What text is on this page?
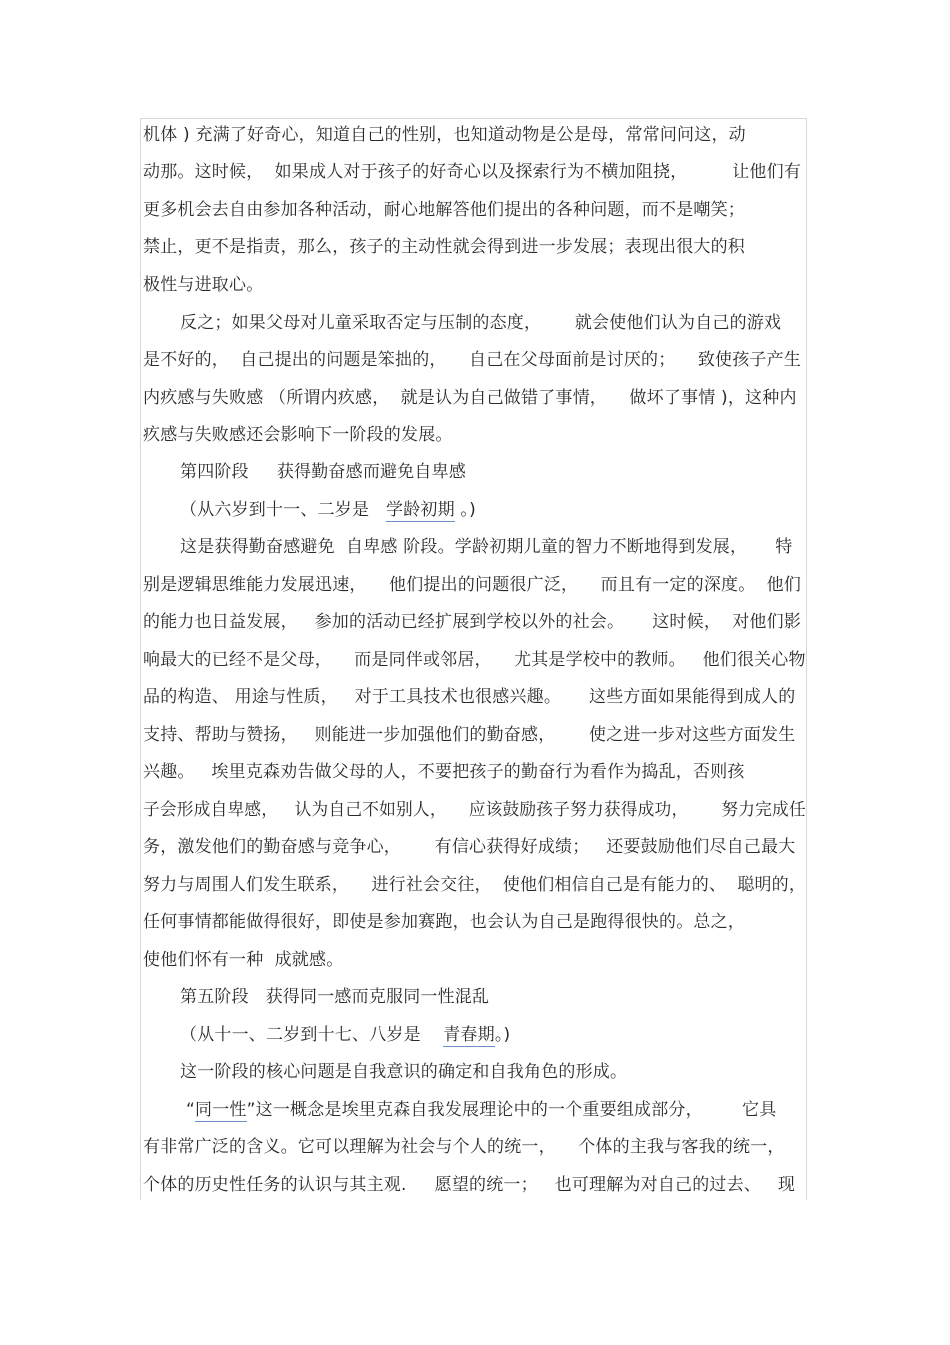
机体 ) 充满了好奇心，知道自己的性别，也知道动物是公是母，常常问问这，动
动那。这时候，  如果成人对于孩子的好奇心以及探索行为不横加阻挠，        让他们有
更多机会去自由参加各种活动，耐心地解答他们提出的各种问题，而不是嘲笑；
禁止，更不是指责，那么，孩子的主动性就会得到进一步发展；表现出很大的积
极性与进取心。
反之；如果父母对儿童采取否定与压制的态度，      就会使他们认为自己的游戏
是不好的，  自己提出的问题是笨拙的，    自己在父母面前是讨厌的；    致使孩子产生
内疚感与失败感 （所谓内疚感，  就是认为自己做错了事情，    做坏了事情 )，这种内
疚感与失败感还会影响下一阶段的发展。
第四阶段     获得勤奋感而避免自卑感
（从六岁到十一、二岁是   学龄初期 。)
这是获得勤奋感避免  自卑感 阶段。学龄初期儿童的智力不断地得到发展，     特
别是逻辑思维能力发展迅速，    他们提出的问题很广泛，    而且有一定的深度。  他们
的能力也日益发展，   参加的活动已经扩展到学校以外的社会。     这时候，  对他们影
响最大的已经不是父母，    而是同伴或邻居，    尤其是学校中的教师。   他们很关心物
品的构造、 用途与性质，   对于工具技术也很感兴趣。     这些方面如果能得到成人的
支持、帮助与赞扬，   则能进一步加强他们的勤奋感，      使之进一步对这些方面发生
兴趣。   埃里克森劝告做父母的人，不要把孩子的勤奋行为看作为捣乱，否则孩
子会形成自卑感，   认为自己不如别人，    应该鼓励孩子努力获得成功，      努力完成任
务，激发他们的勤奋感与竞争心，      有信心获得好成绩；   还要鼓励他们尽自己最大
努力与周围人们发生联系，    进行社会交往，  使他们相信自己是有能力的、  聪明的，
任何事情都能做得很好，即使是参加赛跑，也会认为自己是跑得很快的。总之，
使他们怀有一种  成就感。
第五阶段   获得同一感而克服同一性混乱
（从十一、二岁到十七、八岁是    青春期。)
这一阶段的核心问题是自我意识的确定和自我角色的形成。
“同一性”这一概念是埃里克森自我发展理论中的一个重要组成部分，       它具
有非常广泛的含义。它可以理解为社会与个人的统一，    个体的主我与客我的统一，
个体的历史性任务的认识与其主观.     愿望的统一；   也可理解为对自己的过去、   现
